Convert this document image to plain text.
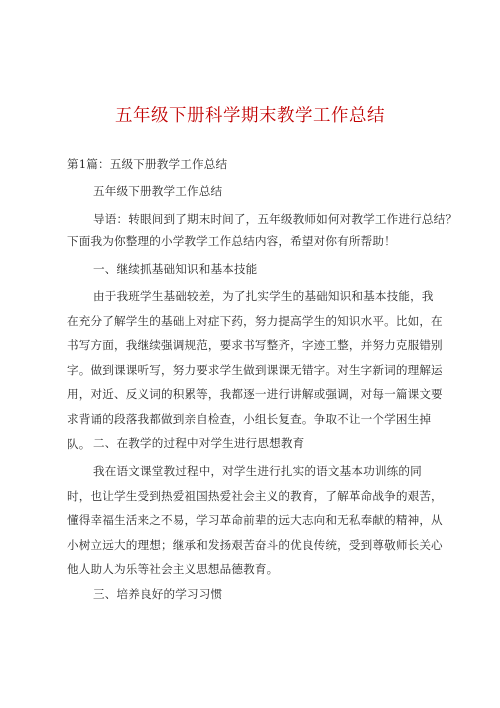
五年级下册科学期末教学工作总结
第1篇：五级下册教学工作总结
五年级下册教学工作总结
导语：转眼间到了期末时间了，五年级教师如何对教学工作进行总结？
下面我为你整理的小学教学工作总结内容，希望对你有所帮助！
一、继续抓基础知识和基本技能
由于我班学生基础较差，为了扎实学生的基础知识和基本技能，我在充分了解学生的基础上对症下药，努力提高学生的知识水平。比如，在书写方面，我继续强调规范，要求书写整齐，字迹工整，并努力克服错别字。做到课课听写，努力要求学生做到课课无错字。对生字新词的理解运用，对近、反义词的积累等，我都逐一进行讲解或强调，对每一篇课文要求背诵的段落我都做到亲自检查，小组长复查。争取不让一个学困生掉队。 二、在教学的过程中对学生进行思想教育
我在语文课堂教过程中，对学生进行扎实的语文基本功训练的同时，也让学生受到热爱祖国热爱社会主义的教育，了解革命战争的艰苦，懂得幸福生活来之不易，学习革命前辈的远大志向和无私奉献的精神，从小树立远大的理想；继承和发扬艰苦奋斗的优良传统，受到尊敬师长关心他人助人为乐等社会主义思想品德教育。
三、培养良好的学习习惯
